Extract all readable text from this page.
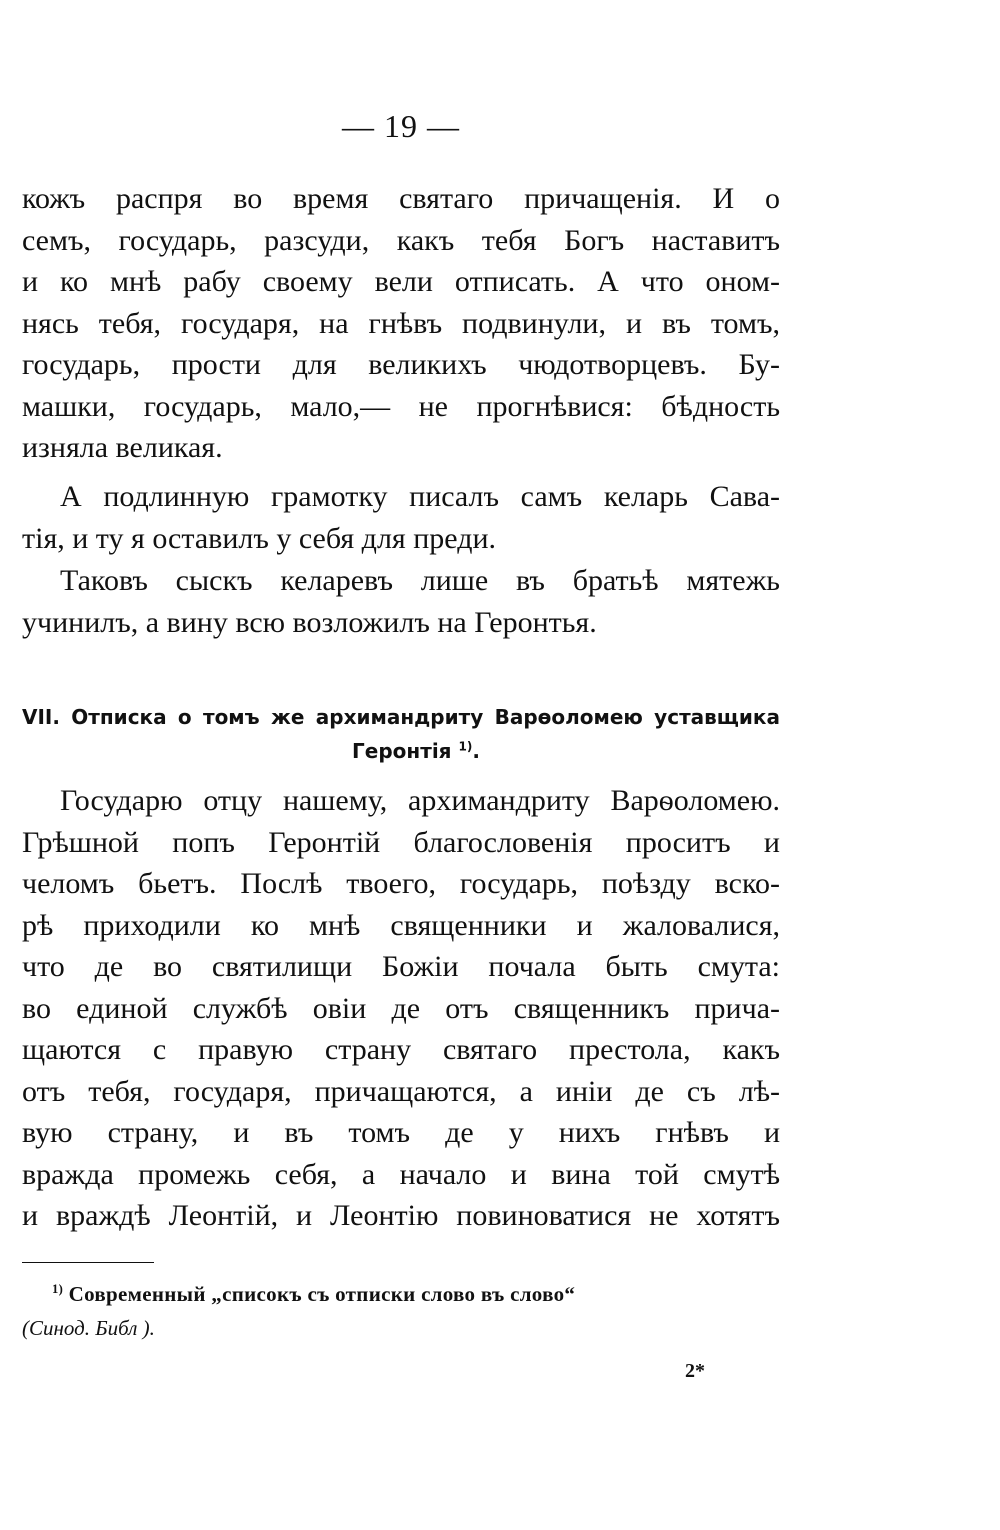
— 19 —
кожъ распря во время святаго причащенія. И о
семъ, государь, разсуди, какъ тебя Богъ наставитъ
и ко мнѣ рабу своему вели отписать. А что оном-
нясь тебя, государя, на гнѣвъ подвинули, и въ томъ,
государь, прости для великихъ чюдотворцевъ. Бу-
машки, государь, мало,— не прогнѣвися: бѣдность
изняла великая.
А подлинную грамотку писалъ самъ келарь Сава-
тія, и ту я оставилъ у себя для преди.
Таковъ сыскъ келаревъ лише въ братьѣ мятежь
учинилъ, а вину всю возложилъ на Геронтья.
VII. Отписка о томъ же архимандриту Варѳоломею уставщика
Геронтія $^{1)}$.
Государю отцу нашему, архимандриту Варѳоломею.
Грѣшной попъ Геронтій благословенія проситъ и
челомъ бьетъ. Послѣ твоего, государь, поѣзду вско-
рѣ приходили ко мнѣ священники и жаловалися,
что де во святилищи Божіи почала быть смута:
во единой службѣ овіи де отъ священникъ прича-
щаются с правую страну святаго престола, какъ
отъ тебя, государя, причащаются, а иніи де съ лѣ-
вую страну, и въ томъ де у нихъ гнѣвъ и
вражда промежь себя, а начало и вина той смутѣ
и враждѣ Леонтій, и Леонтію повиноватися не хотятъ
$^{1)}$ Современный „списокъ съ отписки слово въ слово“
(Синод. Библ ).
2*
